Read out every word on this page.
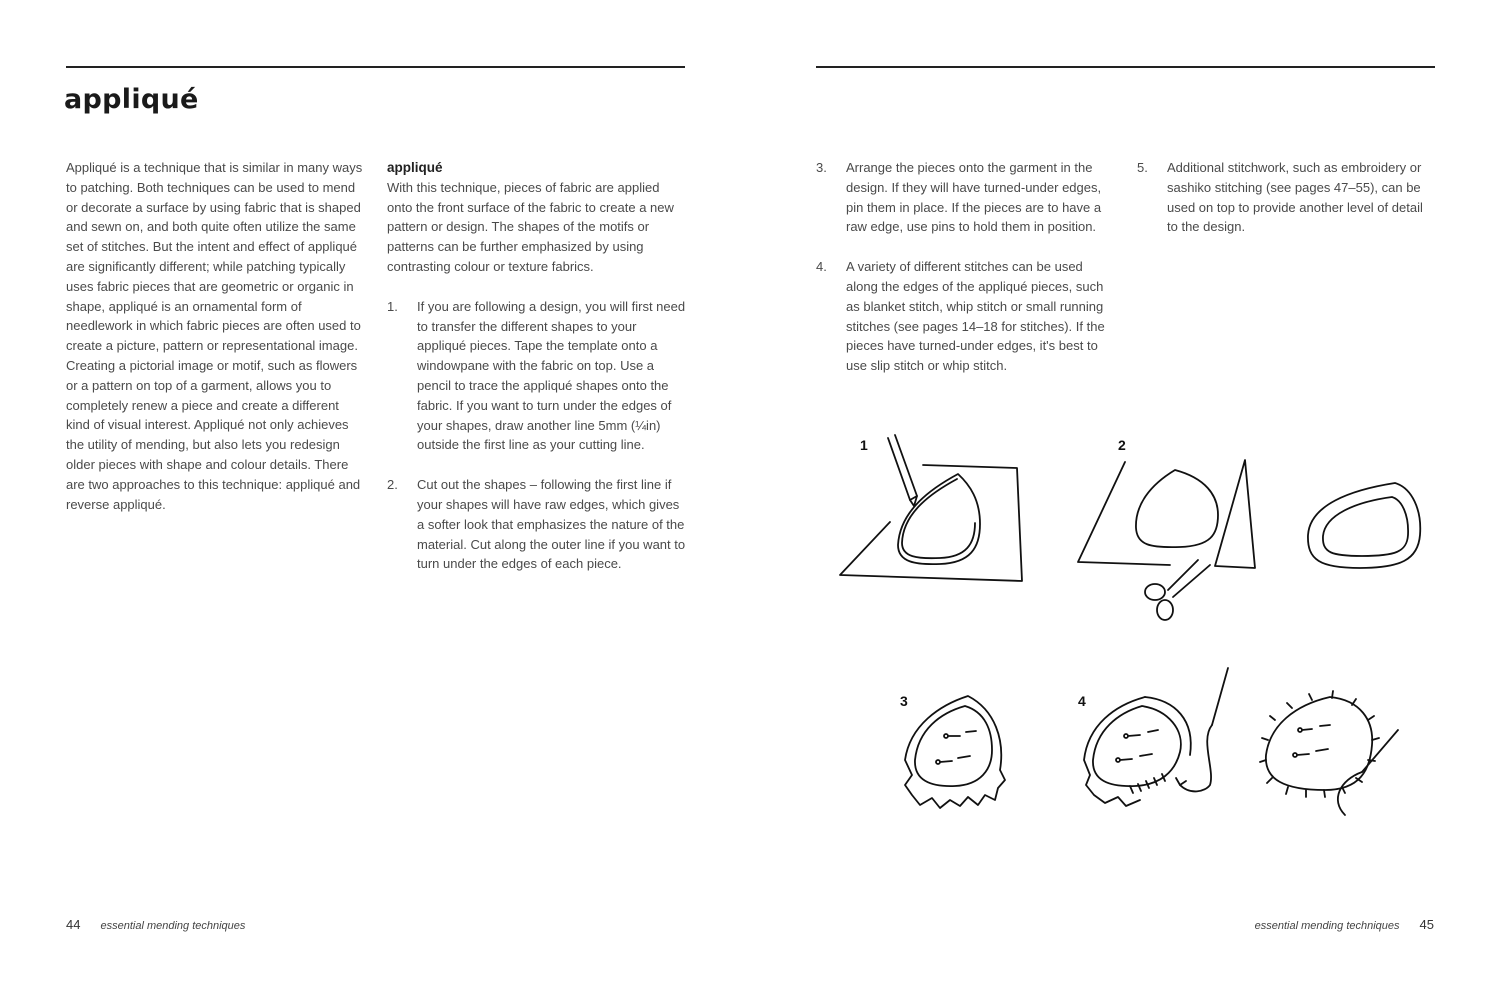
appliqué

Appliqué is a technique that is similar in many ways to patching. Both techniques can be used to mend or decorate a surface by using fabric that is shaped and sewn on, and both quite often utilize the same set of stitches. But the intent and effect of appliqué are significantly different; while patching typically uses fabric pieces that are geometric or organic in shape, appliqué is an ornamental form of needlework in which fabric pieces are often used to create a picture, pattern or representational image. Creating a pictorial image or motif, such as flowers or a pattern on top of a garment, allows you to completely renew a piece and create a different kind of visual interest. Appliqué not only achieves the utility of mending, but also lets you redesign older pieces with shape and colour details. There are two approaches to this technique: appliqué and reverse appliqué.

appliqué

With this technique, pieces of fabric are applied onto the front surface of the fabric to create a new pattern or design. The shapes of the motifs or patterns can be further emphasized by using contrasting colour or texture fabrics.

1.	If you are following a design, you will first need to transfer the different shapes to your appliqué pieces. Tape the template onto a windowpane with the fabric on top. Use a pencil to trace the appliqué shapes onto the fabric. If you want to turn under the edges of your shapes, draw another line 5mm (¼in) outside the first line as your cutting line.
2.	Cut out the shapes – following the first line if your shapes will have raw edges, which gives a softer look that emphasizes the nature of the material. Cut along the outer line if you want to turn under the edges of each piece.
3.	Arrange the pieces onto the garment in the design. If they will have turned-under edges, pin them in place. If the pieces are to have a raw edge, use pins to hold them in position.
4.	A variety of different stitches can be used along the edges of the appliqué pieces, such as blanket stitch, whip stitch or small running stitches (see pages 14–18 for stitches). If the pieces have turned-under edges, it's best to use slip stitch or whip stitch.
5.	Additional stitchwork, such as embroidery or sashiko stitching (see pages 47–55), can be used on top to provide another level of detail to the design.
1	2
3	4
44 essential mending techniques	essential mending techniques 45
